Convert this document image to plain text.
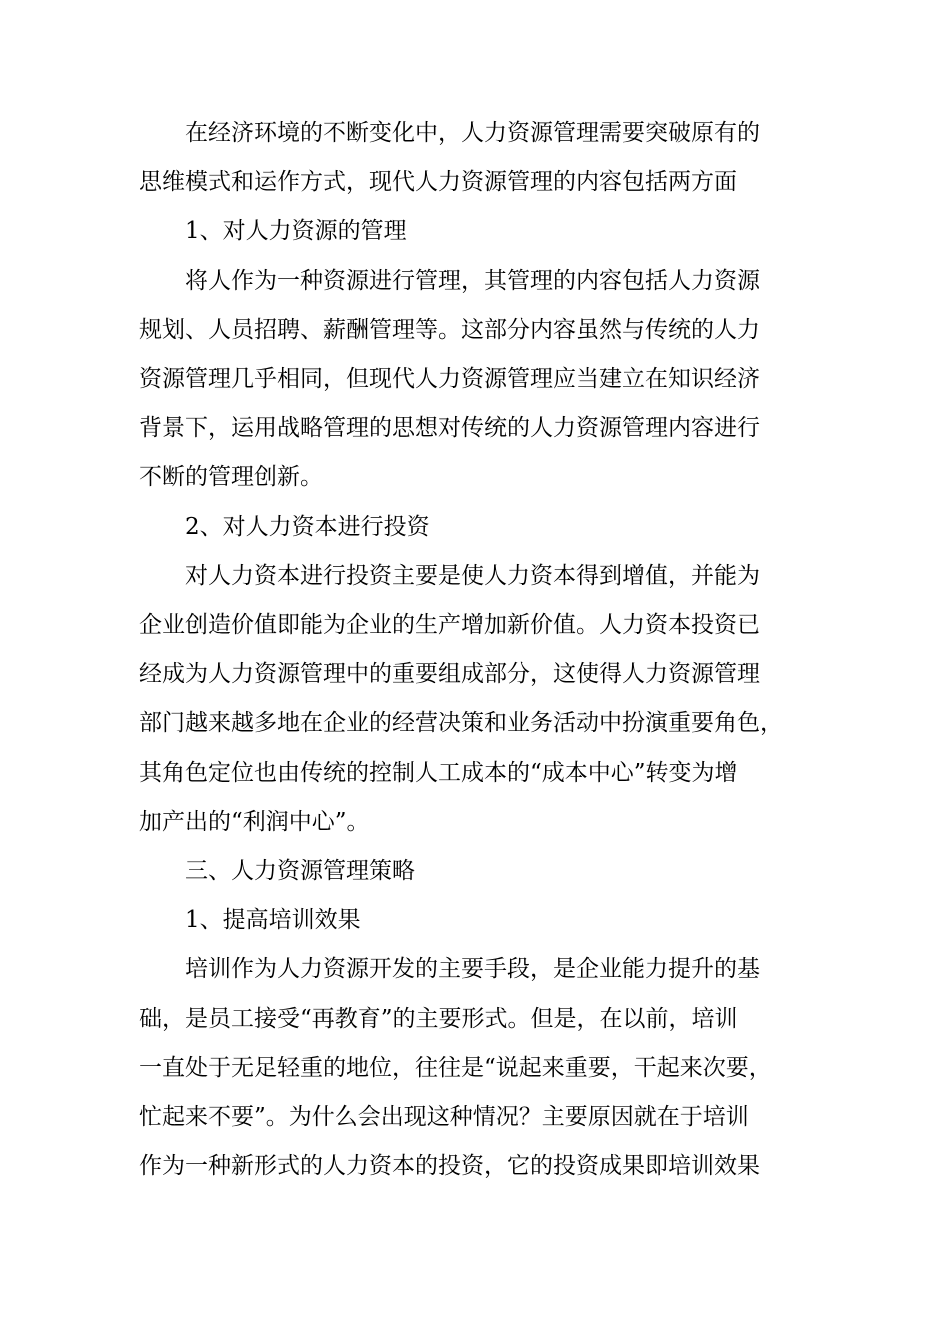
在经济环境的不断变化中，人力资源管理需要突破原有的
思维模式和运作方式，现代人力资源管理的内容包括两方面
1、对人力资源的管理
将人作为一种资源进行管理，其管理的内容包括人力资源
规划、人员招聘、薪酬管理等。这部分内容虽然与传统的人力
资源管理几乎相同，但现代人力资源管理应当建立在知识经济
背景下，运用战略管理的思想对传统的人力资源管理内容进行
不断的管理创新。
2、对人力资本进行投资
对人力资本进行投资主要是使人力资本得到增值，并能为
企业创造价值即能为企业的生产增加新价值。人力资本投资已
经成为人力资源管理中的重要组成部分，这使得人力资源管理
部门越来越多地在企业的经营决策和业务活动中扮演重要角色，
其角色定位也由传统的控制人工成本的“成本中心”转变为增
加产出的“利润中心”。
三、人力资源管理策略
1、提高培训效果
培训作为人力资源开发的主要手段，是企业能力提升的基
础，是员工接受“再教育”的主要形式。但是，在以前，培训
一直处于无足轻重的地位，往往是“说起来重要，干起来次要，
忙起来不要”。为什么会出现这种情况？主要原因就在于培训
作为一种新形式的人力资本的投资，它的投资成果即培训效果
